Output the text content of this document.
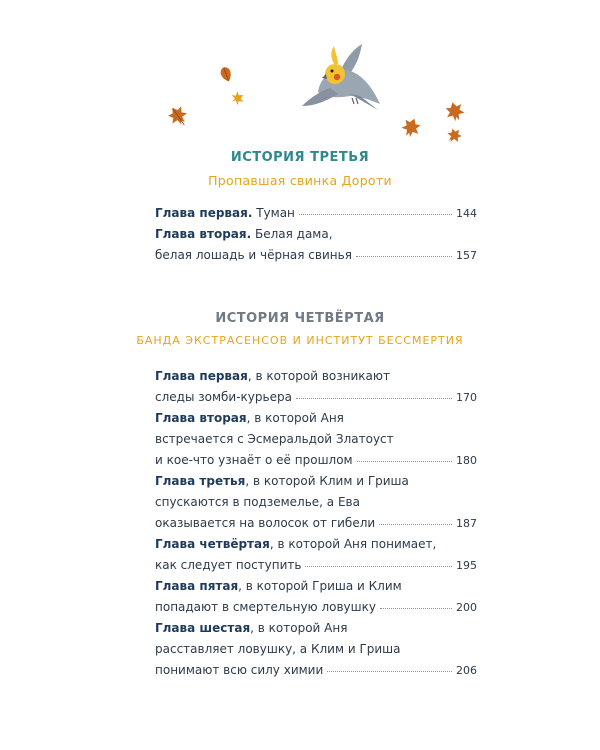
ИСТОРИЯ ТРЕТЬЯ

Пропавшая свинка Дороти

Глава первая. Туман	144
Глава вторая. Белая дама,
белая лошадь и чёрная свинья	157

ИСТОРИЯ ЧЕТВЁРТАЯ

БАНДА ЭКСТРАСЕНСОВ И ИНСТИТУТ БЕССМЕРТИЯ

Глава первая, в которой возникают
следы зомби-курьера	170
Глава вторая, в которой Аня
встречается с Эсмеральдой Златоуст
и кое-что узнаёт о её прошлом	180
Глава третья, в которой Клим и Гриша
спускаются в подземелье, а Ева
оказывается на волосок от гибели	187
Глава четвёртая, в которой Аня понимает,
как следует поступить	195
Глава пятая, в которой Гриша и Клим
попадают в смертельную ловушку	200
Глава шестая, в которой Аня
расставляет ловушку, а Клим и Гриша
понимают всю силу химии	206
